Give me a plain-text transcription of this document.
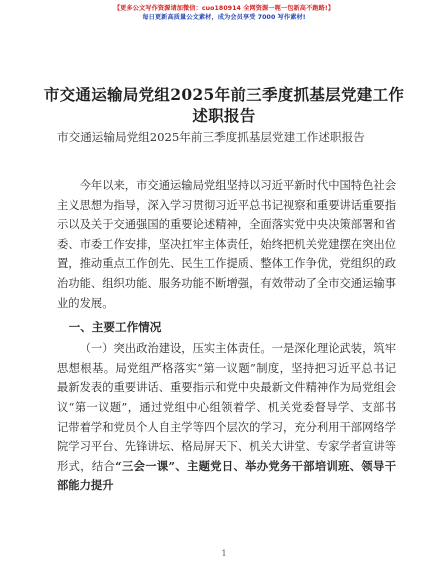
【更多公文写作资源请加微信：cuo180914 全网资源一呃一包新高不跑路!】
每日更新高质量公文素材，成为会员享受 7000 写作素材!
市交通运输局党组2025年前三季度抓基层党建工作述职报告
市交通运输局党组2025年前三季度抓基层党建工作述职报告

今年以来，市交通运输局党组坚持以习近平新时代中国特色社会主义思想为指导，深入学习贯彻习近平总书记视察和重要讲话重要指示以及关于交通强国的重要论述精神，全面落实党中央决策部署和省委、市委工作安排，坚决扛牢主体责任，始终把机关党建摆在突出位置，推动重点工作创先、民生工作提质、整体工作争优，党组织的政治功能、组织功能、服务功能不断增强，有效带动了全市交通运输事业的发展。

一、主要工作情况

（一）突出政治建设，压实主体责任。一是深化理论武装，筑牢思想根基。局党组严格落实“第一议题”制度，坚持把习近平总书记最新发表的重要讲话、重要指示和党中央最新文件精神作为局党组会议“第一议题”，通过党组中心组领着学、机关党委督导学、支部书记带着学和党员个人自主学等四个层次的学习，充分利用干部网络学院学习平台、先锋讲坛、格局屏天下、机关大讲堂、专家学者宣讲等形式，结合“三会一课”、主题党日、举办党务干部培训班、领导干部能力提升

1
